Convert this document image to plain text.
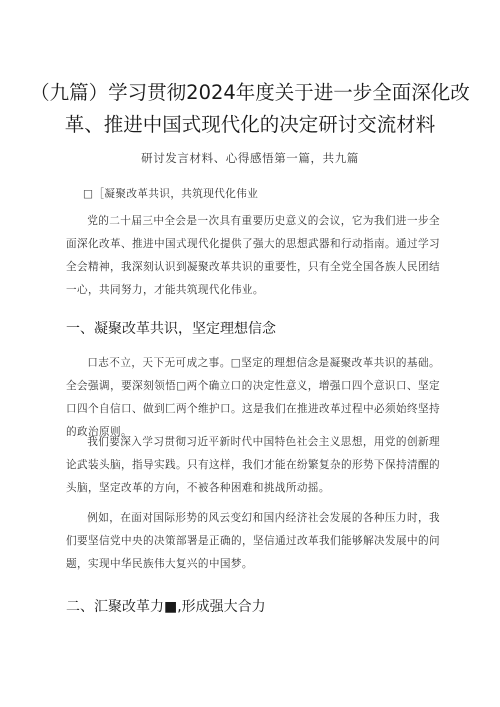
（九篇）学习贯彻2024年度关于进一步全面深化改革、推进中国式现代化的决定研讨交流材料
研讨发言材料、心得感悟第一篇，共九篇

□［凝聚改革共识，共筑现代化伟业

党的二十届三中全会是一次具有重要历史意义的会议，它为我们进一步全面深化改革、推进中国式现代化提供了强大的思想武器和行动指南。通过学习全会精神，我深刻认识到凝聚改革共识的重要性，只有全党全国各族人民团结一心，共同努力，才能共筑现代化伟业。

一、凝聚改革共识，坚定理想信念

口志不立，天下无可成之事。□坚定的理想信念是凝聚改革共识的基础。全会强调，要深刻领悟□两个确立口的决定性意义，增强口四个意识口、坚定口四个自信口、做到匚两个维护口。这是我们在推进改革过程中必须始终坚持的政治原则。

我们要深入学习贯彻习近平新时代中国特色社会主义思想，用党的创新理论武装头脑，指导实践。只有这样，我们才能在纷繁复杂的形势下保持清醒的头脑，坚定改革的方向，不被各种困难和挑战所动摇。

例如，在面对国际形势的风云变幻和国内经济社会发展的各种压力时，我们要坚信党中央的决策部署是正确的，坚信通过改革我们能够解决发展中的问题，实现中华民族伟大复兴的中国梦。

二、汇聚改革力■,形成强大合力
